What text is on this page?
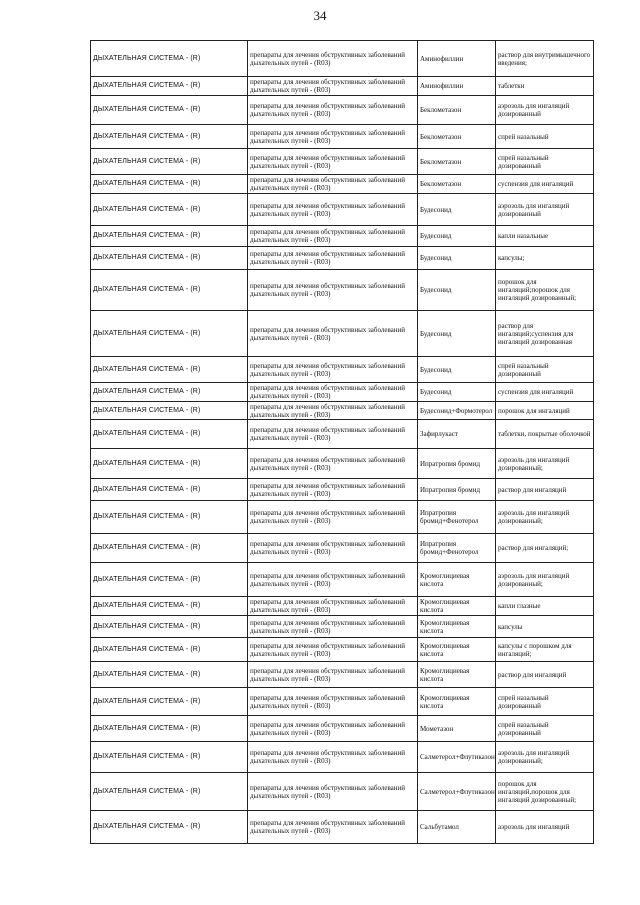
34
ДЫХАТЕЛЬНАЯ СИСТЕМА - (R)	препараты для лечения обструктивных заболеваний дыхательных путей - (R03)	Аминофиллин	раствор для внутримышечного введения;
ДЫХАТЕЛЬНАЯ СИСТЕМА - (R)	препараты для лечения обструктивных заболеваний дыхательных путей - (R03)	Аминофиллин	таблетки
ДЫХАТЕЛЬНАЯ СИСТЕМА - (R)	препараты для лечения обструктивных заболеваний дыхательных путей - (R03)	Беклометазон	аэрозоль для ингаляций дозированный
ДЫХАТЕЛЬНАЯ СИСТЕМА - (R)	препараты для лечения обструктивных заболеваний дыхательных путей - (R03)	Беклометазон	спрей назальный
ДЫХАТЕЛЬНАЯ СИСТЕМА - (R)	препараты для лечения обструктивных заболеваний дыхательных путей - (R03)	Беклометазон	спрей назальный дозированный
ДЫХАТЕЛЬНАЯ СИСТЕМА - (R)	препараты для лечения обструктивных заболеваний дыхательных путей - (R03)	Беклометазон	суспензия для ингаляций
ДЫХАТЕЛЬНАЯ СИСТЕМА - (R)	препараты для лечения обструктивных заболеваний дыхательных путей - (R03)	Будесонид	аэрозоль для ингаляций дозированный
ДЫХАТЕЛЬНАЯ СИСТЕМА - (R)	препараты для лечения обструктивных заболеваний дыхательных путей - (R03)	Будесонид	капли назальные
ДЫХАТЕЛЬНАЯ СИСТЕМА - (R)	препараты для лечения обструктивных заболеваний дыхательных путей - (R03)	Будесонид	капсулы;
ДЫХАТЕЛЬНАЯ СИСТЕМА - (R)	препараты для лечения обструктивных заболеваний дыхательных путей - (R03)	Будесонид	порошок для ингаляций;порошок для ингаляций дозированный;
ДЫХАТЕЛЬНАЯ СИСТЕМА - (R)	препараты для лечения обструктивных заболеваний дыхательных путей - (R03)	Будесонид	раствор для ингаляций;суспензия для ингаляций дозированная
ДЫХАТЕЛЬНАЯ СИСТЕМА - (R)	препараты для лечения обструктивных заболеваний дыхательных путей - (R03)	Будесонид	спрей назальный дозированный
ДЫХАТЕЛЬНАЯ СИСТЕМА - (R)	препараты для лечения обструктивных заболеваний дыхательных путей - (R03)	Будесонид	суспензия для ингаляций
ДЫХАТЕЛЬНАЯ СИСТЕМА - (R)	препараты для лечения обструктивных заболеваний дыхательных путей - (R03)	Будесонид+Формотерол	порошок для ингаляций
ДЫХАТЕЛЬНАЯ СИСТЕМА - (R)	препараты для лечения обструктивных заболеваний дыхательных путей - (R03)	Зафирлукаст	таблетки, покрытые оболочкой
ДЫХАТЕЛЬНАЯ СИСТЕМА - (R)	препараты для лечения обструктивных заболеваний дыхательных путей - (R03)	Ипратропия бромид	аэрозоль для ингаляций дозированный;
ДЫХАТЕЛЬНАЯ СИСТЕМА - (R)	препараты для лечения обструктивных заболеваний дыхательных путей - (R03)	Ипратропия бромид	раствор для ингаляций
ДЫХАТЕЛЬНАЯ СИСТЕМА - (R)	препараты для лечения обструктивных заболеваний дыхательных путей - (R03)	Ипратропия бромид+Фенотерол	аэрозоль для ингаляций дозированный;
ДЫХАТЕЛЬНАЯ СИСТЕМА - (R)	препараты для лечения обструктивных заболеваний дыхательных путей - (R03)	Ипратропия бромид+Фенотерол	раствор для ингаляций;
ДЫХАТЕЛЬНАЯ СИСТЕМА - (R)	препараты для лечения обструктивных заболеваний дыхательных путей - (R03)	Кромоглициевая кислота	аэрозоль для ингаляций дозированный;
ДЫХАТЕЛЬНАЯ СИСТЕМА - (R)	препараты для лечения обструктивных заболеваний дыхательных путей - (R03)	Кромоглициевая кислота	капли глазные
ДЫХАТЕЛЬНАЯ СИСТЕМА - (R)	препараты для лечения обструктивных заболеваний дыхательных путей - (R03)	Кромоглициевая кислота	капсулы
ДЫХАТЕЛЬНАЯ СИСТЕМА - (R)	препараты для лечения обструктивных заболеваний дыхательных путей - (R03)	Кромоглициевая кислота	капсулы с порошком для ингаляций;
ДЫХАТЕЛЬНАЯ СИСТЕМА - (R)	препараты для лечения обструктивных заболеваний дыхательных путей - (R03)	Кромоглициевая кислота	раствор для ингаляций
ДЫХАТЕЛЬНАЯ СИСТЕМА - (R)	препараты для лечения обструктивных заболеваний дыхательных путей - (R03)	Кромоглициевая кислота	спрей назальный дозированный
ДЫХАТЕЛЬНАЯ СИСТЕМА - (R)	препараты для лечения обструктивных заболеваний дыхательных путей - (R03)	Мометазон	спрей назальный дозированный
ДЫХАТЕЛЬНАЯ СИСТЕМА - (R)	препараты для лечения обструктивных заболеваний дыхательных путей - (R03)	Салметерол+Флутиказон	аэрозоль для ингаляций дозированный;
ДЫХАТЕЛЬНАЯ СИСТЕМА - (R)	препараты для лечения обструктивных заболеваний дыхательных путей - (R03)	Салметерол+Флутиказон	порошок для ингаляций,порошок для ингаляций дозированный;
ДЫХАТЕЛЬНАЯ СИСТЕМА - (R)	препараты для лечения обструктивных заболеваний дыхательных путей - (R03)	Сальбутамол	аэрозоль для ингаляций
